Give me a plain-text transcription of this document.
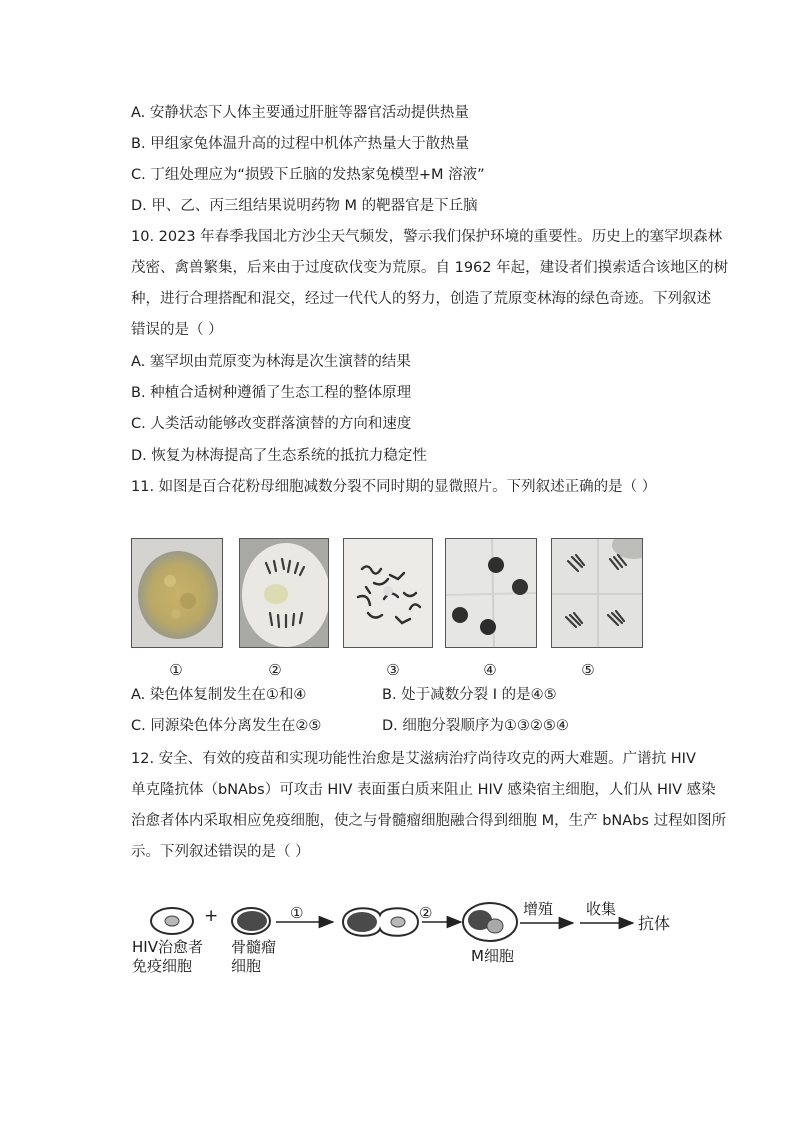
A. 安静状态下人体主要通过肝脏等器官活动提供热量
B. 甲组家兔体温升高的过程中机体产热量大于散热量
C. 丁组处理应为“损毁下丘脑的发热家兔模型+M 溶液”
D. 甲、乙、丙三组结果说明药物 M 的靶器官是下丘脑
10. 2023 年春季我国北方沙尘天气频发，警示我们保护环境的重要性。历史上的塞罕坝森林
茂密、禽兽繁集，后来由于过度砍伐变为荒原。自 1962 年起，建设者们摸索适合该地区的树
种，进行合理搭配和混交，经过一代代人的努力，创造了荒原变林海的绿色奇迹。下列叙述
错误的是（ ）
A. 塞罕坝由荒原变为林海是次生演替的结果
B. 种植合适树种遵循了生态工程的整体原理
C. 人类活动能够改变群落演替的方向和速度
D. 恢复为林海提高了生态系统的抵抗力稳定性
11. 如图是百合花粉母细胞减数分裂不同时期的显微照片。下列叙述正确的是（ ）
①	②	③	④	⑤
A. 染色体复制发生在①和④	B. 处于减数分裂 I 的是④⑤
C. 同源染色体分离发生在②⑤	D. 细胞分裂顺序为①③②⑤④
12. 安全、有效的疫苗和实现功能性治愈是艾滋病治疗尚待攻克的两大难题。广谱抗 HIV
单克隆抗体（bNAbs）可攻击 HIV 表面蛋白质来阻止 HIV 感染宿主细胞，人们从 HIV 感染
治愈者体内采取相应免疫细胞，使之与骨髓瘤细胞融合得到细胞 M，生产 bNAbs 过程如图所
示。下列叙述错误的是（ ）
+	①	②	增殖 收集
抗体
HIV治愈者
免疫细胞
骨髓瘤
细胞
M细胞
